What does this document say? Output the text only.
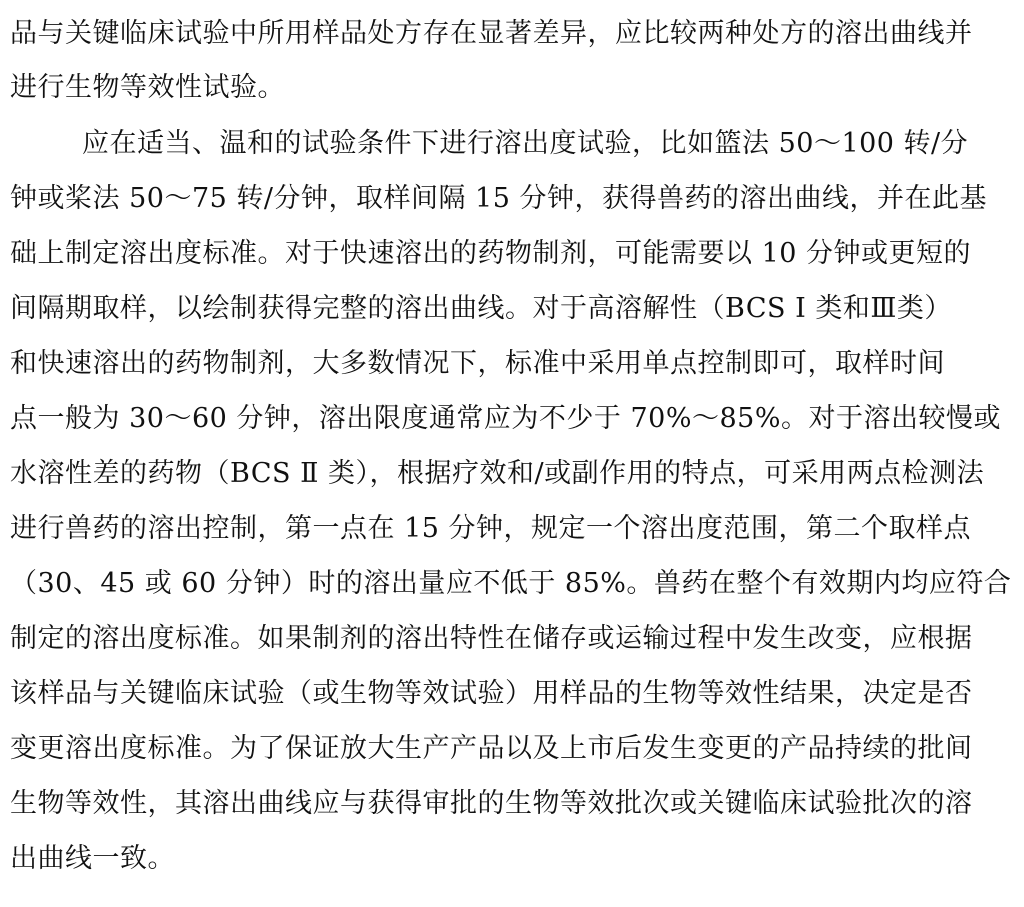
品与关键临床试验中所用样品处方存在显著差异，应比较两种处方的溶出曲线并
进行生物等效性试验。
应在适当、温和的试验条件下进行溶出度试验，比如篮法 50～100 转/分
钟或桨法 50～75 转/分钟，取样间隔 15 分钟，获得兽药的溶出曲线，并在此基
础上制定溶出度标准。对于快速溶出的药物制剂，可能需要以 10 分钟或更短的
间隔期取样，以绘制获得完整的溶出曲线。对于高溶解性（BCS Ⅰ 类和Ⅲ类）
和快速溶出的药物制剂，大多数情况下，标准中采用单点控制即可，取样时间
点一般为 30～60 分钟，溶出限度通常应为不少于 70%～85%。对于溶出较慢或
水溶性差的药物（BCS Ⅱ 类），根据疗效和/或副作用的特点，可采用两点检测法
进行兽药的溶出控制，第一点在 15 分钟，规定一个溶出度范围，第二个取样点
（30、45 或 60 分钟）时的溶出量应不低于 85%。兽药在整个有效期内均应符合
制定的溶出度标准。如果制剂的溶出特性在储存或运输过程中发生改变，应根据
该样品与关键临床试验（或生物等效试验）用样品的生物等效性结果，决定是否
变更溶出度标准。为了保证放大生产产品以及上市后发生变更的产品持续的批间
生物等效性，其溶出曲线应与获得审批的生物等效批次或关键临床试验批次的溶
出曲线一致。
